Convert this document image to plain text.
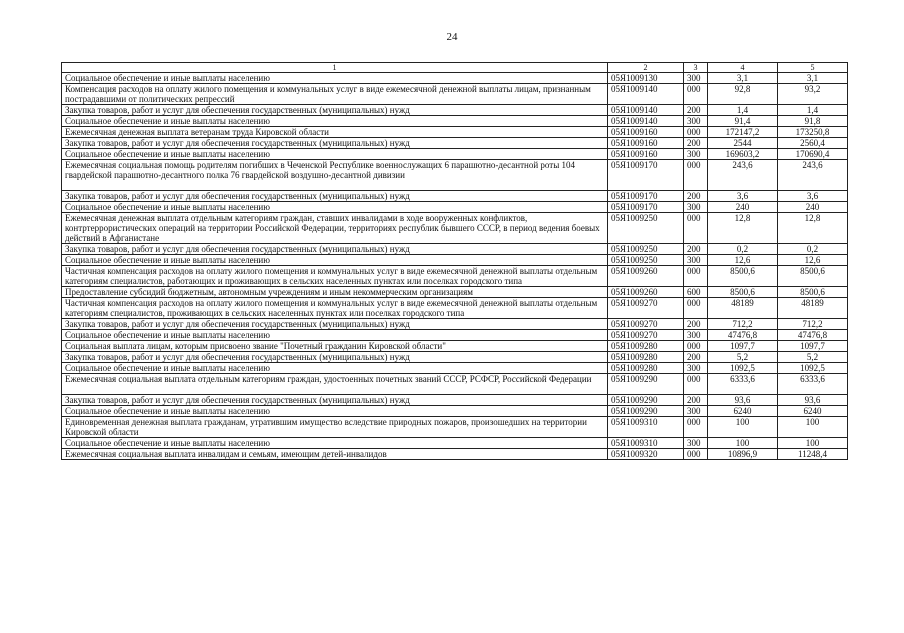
24
1	2	3	4	5
Социальное обеспечение и иные выплаты населению	05Я1009130	300	3,1	3,1
Компенсация расходов на оплату жилого помещения и коммунальных услуг в виде ежемесячной денежной выплаты лицам, признанным пострадавшими от политических репрессий	05Я1009140	000	92,8	93,2
Закупка товаров, работ и услуг для обеспечения государственных (муниципальных) нужд	05Я1009140	200	1,4	1,4
Социальное обеспечение и иные выплаты населению	05Я1009140	300	91,4	91,8
Ежемесячная денежная выплата ветеранам труда Кировской области	05Я1009160	000	172147,2	173250,8
Закупка товаров, работ и услуг для обеспечения государственных (муниципальных) нужд	05Я1009160	200	2544	2560,4
Социальное обеспечение и иные выплаты населению	05Я1009160	300	169603,2	170690,4
Ежемесячная социальная помощь родителям погибших в Чеченской Республике военнослужащих 6 парашютно-десантной роты 104 гвардейской парашютно-десантного полка 76 гвардейской воздушно-десантной дивизии	05Я1009170	000	243,6	243,6
Закупка товаров, работ и услуг для обеспечения государственных (муниципальных) нужд	05Я1009170	200	3,6	3,6
Социальное обеспечение и иные выплаты населению	05Я1009170	300	240	240
Ежемесячная денежная выплата отдельным категориям граждан, ставших инвалидами в ходе вооруженных конфликтов, контртеррористических операций на территории Российской Федерации, территориях республик бывшего СССР, в период ведения боевых действий в Афганистане	05Я1009250	000	12,8	12,8
Закупка товаров, работ и услуг для обеспечения государственных (муниципальных) нужд	05Я1009250	200	0,2	0,2
Социальное обеспечение и иные выплаты населению	05Я1009250	300	12,6	12,6
Частичная компенсация расходов на оплату жилого помещения и коммунальных услуг в виде ежемесячной денежной выплаты отдельным категориям специалистов, работающих и проживающих в сельских населенных пунктах или поселках городского типа	05Я1009260	000	8500,6	8500,6
Предоставление субсидий бюджетным, автономным учреждениям и иным некоммерческим организациям	05Я1009260	600	8500,6	8500,6
Частичная компенсация расходов на оплату жилого помещения и коммунальных услуг в виде ежемесячной денежной выплаты отдельным категориям специалистов, проживающих в сельских населенных пунктах или поселках городского типа	05Я1009270	000	48189	48189
Закупка товаров, работ и услуг для обеспечения государственных (муниципальных) нужд	05Я1009270	200	712,2	712,2
Социальное обеспечение и иные выплаты населению	05Я1009270	300	47476,8	47476,8
Социальная выплата лицам, которым присвоено звание "Почетный гражданин Кировской области"	05Я1009280	000	1097,7	1097,7
Закупка товаров, работ и услуг для обеспечения государственных (муниципальных) нужд	05Я1009280	200	5,2	5,2
Социальное обеспечение и иные выплаты населению	05Я1009280	300	1092,5	1092,5
Ежемесячная социальная выплата отдельным категориям граждан, удостоенных почетных званий СССР, РСФСР, Российской Федерации	05Я1009290	000	6333,6	6333,6
Закупка товаров, работ и услуг для обеспечения государственных (муниципальных) нужд	05Я1009290	200	93,6	93,6
Социальное обеспечение и иные выплаты населению	05Я1009290	300	6240	6240
Единовременная денежная выплата гражданам, утратившим имущество вследствие природных пожаров, произошедших на территории Кировской области	05Я1009310	000	100	100
Социальное обеспечение и иные выплаты населению	05Я1009310	300	100	100
Ежемесячная социальная выплата инвалидам и семьям, имеющим детей-инвалидов	05Я1009320	000	10896,9	11248,4
